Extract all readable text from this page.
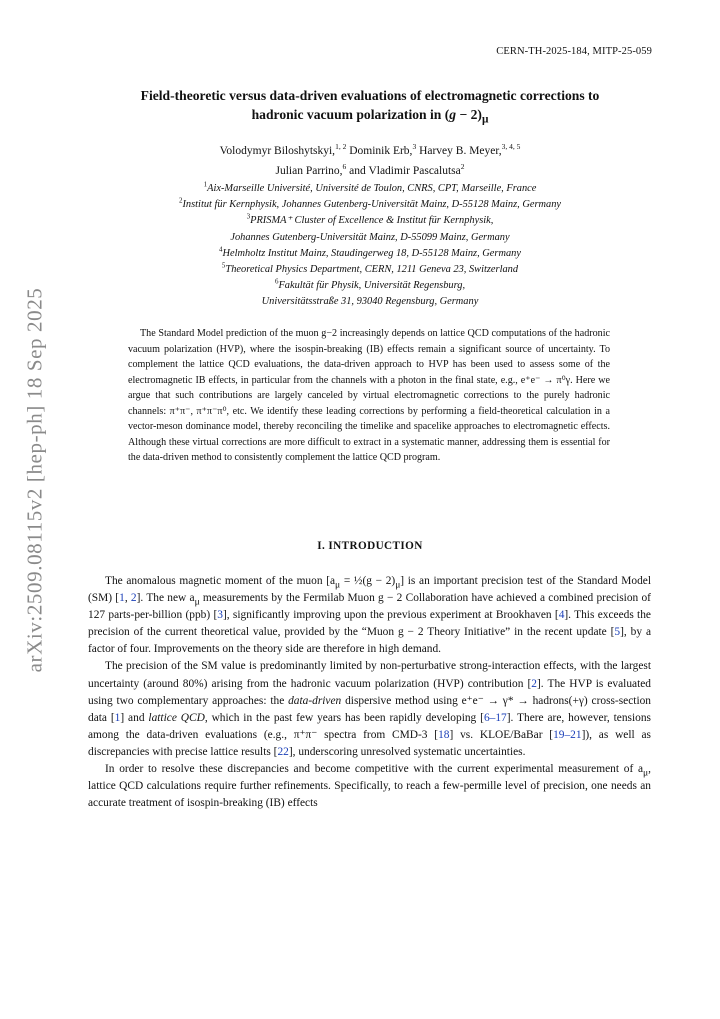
CERN-TH-2025-184, MITP-25-059
arXiv:2509.08115v2 [hep-ph] 18 Sep 2025
Field-theoretic versus data-driven evaluations of electromagnetic corrections to
hadronic vacuum polarization in $(g - 2)_\mu$
Volodymyr Biloshytskyi,$^{1, 2}$ Dominik Erb,$^3$ Harvey B. Meyer,$^{3, 4, 5}$
Julian Parrino,$^6$ and Vladimir Pascalutsa$^2$
$^1$Aix-Marseille Université, Université de Toulon, CNRS, CPT, Marseille, France
$^2$Institut für Kernphysik, Johannes Gutenberg-Universität Mainz, D-55128 Mainz, Germany
$^3$PRISMA⁺ Cluster of Excellence & Institut für Kernphysik,
Johannes Gutenberg-Universität Mainz, D-55099 Mainz, Germany
$^4$Helmholtz Institut Mainz, Staudingerweg 18, D-55128 Mainz, Germany
$^5$Theoretical Physics Department, CERN, 1211 Geneva 23, Switzerland
$^6$Fakultät für Physik, Universität Regensburg,
Universitätsstraße 31, 93040 Regensburg, Germany
The Standard Model prediction of the muon g−2 increasingly depends on lattice QCD computations of the hadronic vacuum polarization (HVP), where the isospin-breaking (IB) effects remain a significant source of uncertainty. To complement the lattice QCD evaluations, the data-driven approach to HVP has been used to assess some of the electromagnetic IB effects, in particular from the channels with a photon in the final state, e.g., e⁺e⁻ → π⁰γ. Here we argue that such contributions are largely canceled by virtual electromagnetic corrections to the purely hadronic channels: π⁺π⁻, π⁺π⁻π⁰, etc. We identify these leading corrections by performing a field-theoretical calculation in a vector-meson dominance model, thereby reconciling the timelike and spacelike approaches to electromagnetic effects. Although these virtual corrections are more difficult to extract in a systematic manner, addressing them is essential for the data-driven method to consistently complement the lattice QCD program.
I. INTRODUCTION

The anomalous magnetic moment of the muon [$a_\mu$ = ½(g − $2)_\mu$] is an important precision test of the Standard Model (SM) [1, 2]. The new $a_\mu$ measurements by the Fermilab Muon g − 2 Collaboration have achieved a combined precision of 127 parts-per-billion (ppb) [3], significantly improving upon the previous experiment at Brookhaven [4]. This exceeds the precision of the current theoretical value, provided by the “Muon g − 2 Theory Initiative” in the recent update [5], by a factor of four. Improvements on the theory side are therefore in high demand.

The precision of the SM value is predominantly limited by non-perturbative strong-interaction effects, with the largest uncertainty (around 80%) arising from the hadronic vacuum polarization (HVP) contribution [2]. The HVP is evaluated using two complementary approaches: the data-driven dispersive method using e⁺e⁻ → γ* → hadrons(+γ) cross-section data [1] and lattice QCD, which in the past few years has been rapidly developing [6–17]. There are, however, tensions among the data-driven evaluations (e.g., π⁺π⁻ spectra from CMD-3 [18] vs. KLOE/BaBar [19–21]), as well as discrepancies with precise lattice results [22], underscoring unresolved systematic uncertainties.

In order to resolve these discrepancies and become competitive with the current experimental measurement of $a_\mu$, lattice QCD calculations require further refinements. Specifically, to reach a few-permille level of precision, one needs an accurate treatment of isospin-breaking (IB) effects
